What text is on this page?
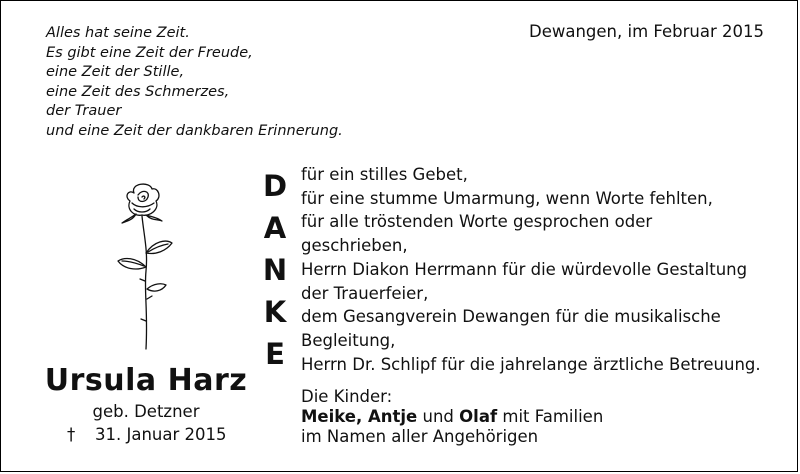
Alles hat seine Zeit.
Es gibt eine Zeit der Freude,
eine Zeit der Stille,
eine Zeit des Schmerzes,
der Trauer
und eine Zeit der dankbaren Erinnerung.
Dewangen, im Februar 2015
Ursula Harz
geb. Detzner
† 31. Januar 2015
D
A
N
K
E
für ein stilles Gebet,
für eine stumme Umarmung, wenn Worte fehlten,
für alle tröstenden Worte gesprochen oder
geschrieben,
Herrn Diakon Herrmann für die würdevolle Gestaltung
der Trauerfeier,
dem Gesangverein Dewangen für die musikalische
Begleitung,
Herrn Dr. Schlipf für die jahrelange ärztliche Betreuung.
Die Kinder:
Meike, Antje und Olaf mit Familien
im Namen aller Angehörigen
